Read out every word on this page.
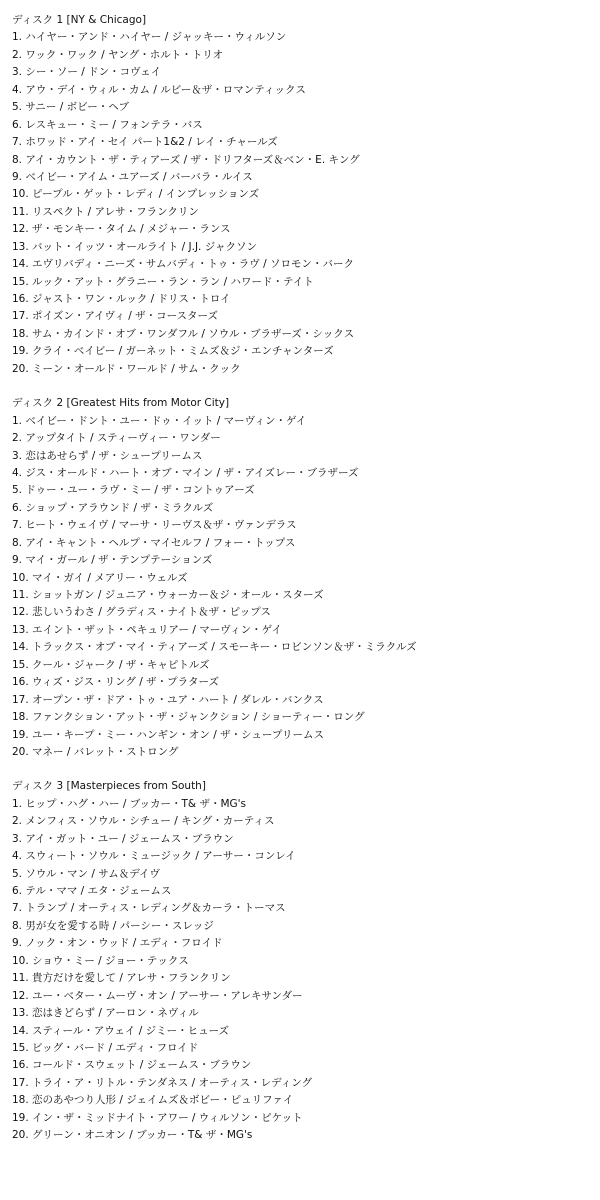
ディスク 1 [NY & Chicago]
1. ハイヤー・アンド・ハイヤー / ジャッキー・ウィルソン
2. ワック・ワック / ヤング・ホルト・トリオ
3. シー・ソー / ドン・コヴェイ
4. アウ・デイ・ウィル・カム / ルビー＆ザ・ロマンティックス
5. サニー / ボビー・ヘブ
6. レスキュー・ミー / フォンテラ・バス
7. ホワッド・アイ・セイ パート1&2 / レイ・チャールズ
8. アイ・カウント・ザ・ティアーズ / ザ・ドリフターズ＆ベン・E. キング
9. ベイビー・アイム・ユアーズ / バーバラ・ルイス
10. ピープル・ゲット・レディ / インプレッションズ
11. リスペクト / アレサ・フランクリン
12. ザ・モンキー・タイム / メジャー・ランス
13. バット・イッツ・オールライト / J.J. ジャクソン
14. エヴリバディ・ニーズ・サムバディ・トゥ・ラヴ / ソロモン・バーク
15. ルック・アット・グラニー・ラン・ラン / ハワード・テイト
16. ジャスト・ワン・ルック / ドリス・トロイ
17. ポイズン・アイヴィ / ザ・コースターズ
18. サム・カインド・オブ・ワンダフル / ソウル・ブラザーズ・シックス
19. クライ・ベイビー / ガーネット・ミムズ＆ジ・エンチャンターズ
20. ミーン・オールド・ワールド / サム・クック
ディスク 2 [Greatest Hits from Motor City]
1. ベイビー・ドント・ユー・ドゥ・イット / マーヴィン・ゲイ
2. アップタイト / スティーヴィー・ワンダー
3. 恋はあせらず / ザ・シュープリームス
4. ジス・オールド・ハート・オブ・マイン / ザ・アイズレー・ブラザーズ
5. ドゥー・ユー・ラヴ・ミー / ザ・コントゥアーズ
6. ショップ・アラウンド / ザ・ミラクルズ
7. ヒート・ウェイヴ / マーサ・リーヴス＆ザ・ヴァンデラス
8. アイ・キャント・ヘルプ・マイセルフ / フォー・トップス
9. マイ・ガール / ザ・テンプテーションズ
10. マイ・ガイ / メアリー・ウェルズ
11. ショットガン / ジュニア・ウォーカー＆ジ・オール・スターズ
12. 悲しいうわさ / グラディス・ナイト＆ザ・ピップス
13. エイント・ザット・ペキュリアー / マーヴィン・ゲイ
14. トラックス・オブ・マイ・ティアーズ / スモーキー・ロビンソン＆ザ・ミラクルズ
15. クール・ジャーク / ザ・キャピトルズ
16. ウィズ・ジス・リング / ザ・プラターズ
17. オープン・ザ・ドア・トゥ・ユア・ハート / ダレル・バンクス
18. ファンクション・アット・ザ・ジャンクション / ショーティー・ロング
19. ユー・キープ・ミー・ハンギン・オン / ザ・シュープリームス
20. マネー / バレット・ストロング
ディスク 3 [Masterpieces from South]
1. ヒップ・ハグ・ハー / ブッカー・T& ザ・MG's
2. メンフィス・ソウル・シチュー / キング・カーティス
3. アイ・ガット・ユー / ジェームス・ブラウン
4. スウィート・ソウル・ミュージック / アーサー・コンレイ
5. ソウル・マン / サム＆デイヴ
6. テル・ママ / エタ・ジェームス
7. トランプ / オーティス・レディング＆カーラ・トーマス
8. 男が女を愛する時 / パーシー・スレッジ
9. ノック・オン・ウッド / エディ・フロイド
10. ショウ・ミー / ジョー・テックス
11. 貴方だけを愛して / アレサ・フランクリン
12. ユー・ベター・ムーヴ・オン / アーサー・アレキサンダー
13. 恋はきどらず / アーロン・ネヴィル
14. スティール・アウェイ / ジミー・ヒューズ
15. ビッグ・バード / エディ・フロイド
16. コールド・スウェット / ジェームス・ブラウン
17. トライ・ア・リトル・テンダネス / オーティス・レディング
18. 恋のあやつり人形 / ジェイムズ＆ボビー・ピュリファイ
19. イン・ザ・ミッドナイト・アワー / ウィルソン・ピケット
20. グリーン・オニオン / ブッカー・T& ザ・MG's
